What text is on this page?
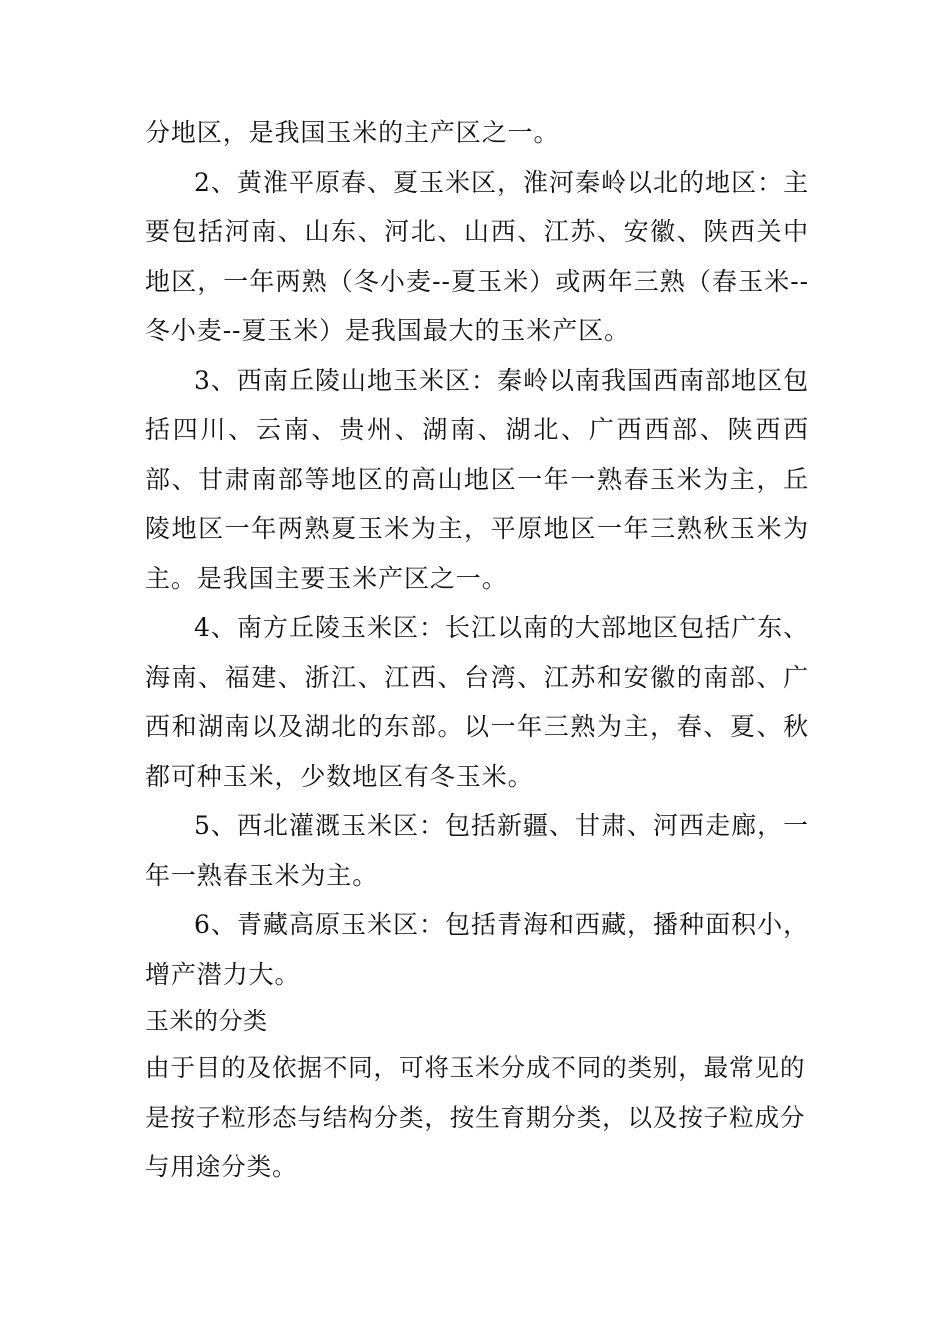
分地区，是我国玉米的主产区之一。

2、黄淮平原春、夏玉米区，淮河秦岭以北的地区：主要包括河南、山东、河北、山西、江苏、安徽、陕西关中地区，一年两熟（冬小麦--夏玉米）或两年三熟（春玉米--冬小麦--夏玉米）是我国最大的玉米产区。

3、西南丘陵山地玉米区：秦岭以南我国西南部地区包括四川、云南、贵州、湖南、湖北、广西西部、陕西西部、甘肃南部等地区的高山地区一年一熟春玉米为主，丘陵地区一年两熟夏玉米为主，平原地区一年三熟秋玉米为主。是我国主要玉米产区之一。

4、南方丘陵玉米区：长江以南的大部地区包括广东、海南、福建、浙江、江西、台湾、江苏和安徽的南部、广西和湖南以及湖北的东部。以一年三熟为主，春、夏、秋都可种玉米，少数地区有冬玉米。

5、西北灌溉玉米区：包括新疆、甘肃、河西走廊，一年一熟春玉米为主。

6、青藏高原玉米区：包括青海和西藏，播种面积小，增产潜力大。

玉米的分类

由于目的及依据不同，可将玉米分成不同的类别，最常见的是按子粒形态与结构分类，按生育期分类，以及按子粒成分与用途分类。
